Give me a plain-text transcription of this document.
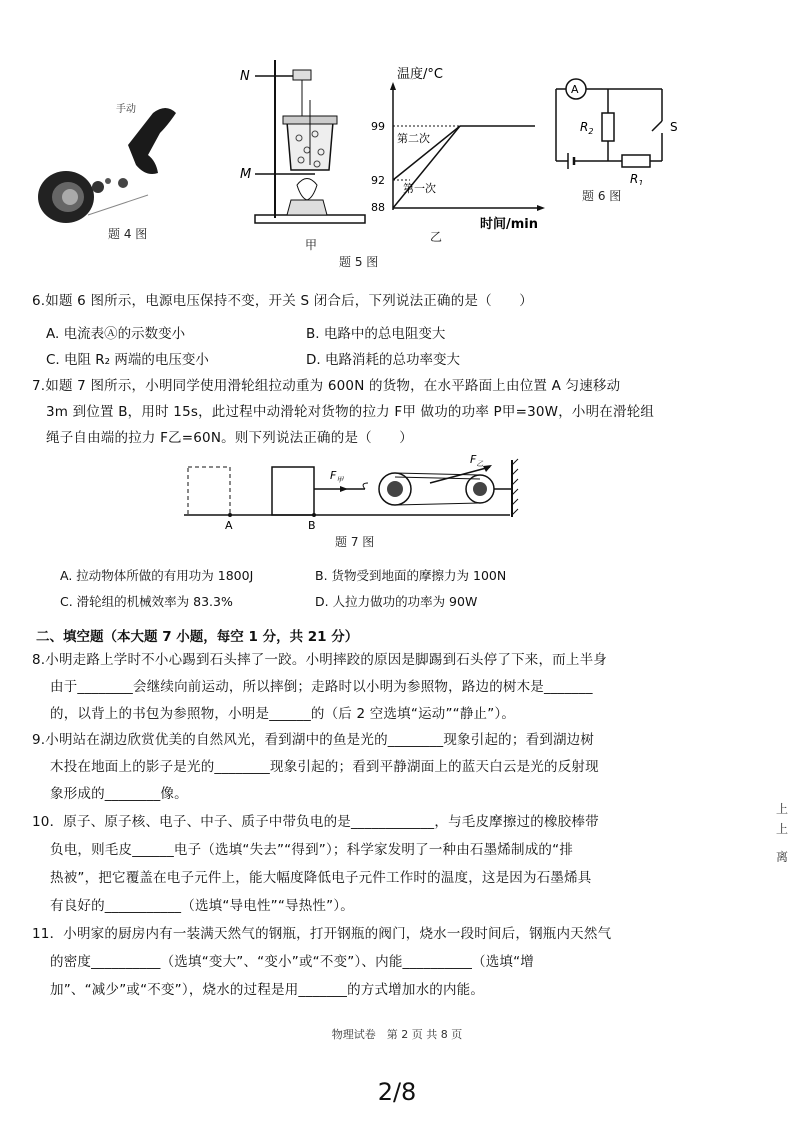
手动
题 4 图
N
M
温度/°C
99
92
88
第二次
第一次
时间/min
甲
乙
题 5 图
A
S
$R_2$
$R_1$
题 6 图
6.如题 6 图所示，电源电压保持不变，开关 S 闭合后，下列说法正确的是（　　）
A. 电流表Ⓐ的示数变小	B. 电路中的总电阻变大
C. 电阻 R₂ 两端的电压变小	D. 电路消耗的总功率变大
7.如题 7 图所示，小明同学使用滑轮组拉动重为 600N 的货物，在水平路面上由位置 A 匀速移动
3m 到位置 B，用时 15s，此过程中动滑轮对货物的拉力 F甲 做功的功率 P甲=30W，小明在滑轮组
绳子自由端的拉力 F乙=60N。则下列说法正确的是（　　）
A	B
$F_甲$
$F_乙$
题 7 图
A. 拉动物体所做的有用功为 1800J	B. 货物受到地面的摩擦力为 100N
C. 滑轮组的机械效率为 83.3%	D. 人拉力做功的功率为 90W
二、填空题（本大题 7 小题，每空 1 分，共 21 分）
8.小明走路上学时不小心踢到石头摔了一跤。小明摔跤的原因是脚踢到石头停了下来，而上半身
由于________会继续向前运动，所以摔倒；走路时以小明为参照物，路边的树木是_______
的，以背上的书包为参照物，小明是______的（后 2 空选填“运动”“静止”）。
9.小明站在湖边欣赏优美的自然风光，看到湖中的鱼是光的________现象引起的；看到湖边树
木投在地面上的影子是光的________现象引起的；看到平静湖面上的蓝天白云是光的反射现
象形成的________像。
10．原子、原子核、电子、中子、质子中带负电的是____________，与毛皮摩擦过的橡胶棒带
负电，则毛皮______电子（选填“失去”“得到”）；科学家发明了一种由石墨烯制成的“排
热被”，把它覆盖在电子元件上，能大幅度降低电子元件工作时的温度，这是因为石墨烯具
有良好的___________（选填“导电性”“导热性”）。
11．小明家的厨房内有一装满天然气的钢瓶，打开钢瓶的阀门，烧水一段时间后，钢瓶内天然气
的密度__________（选填“变大”、“变小”或“不变”）、内能__________（选填“增
加”、“减少”或“不变”），烧水的过程是用_______的方式增加水的内能。
上
上
离
物理试卷　第 2 页 共 8 页
2/8
